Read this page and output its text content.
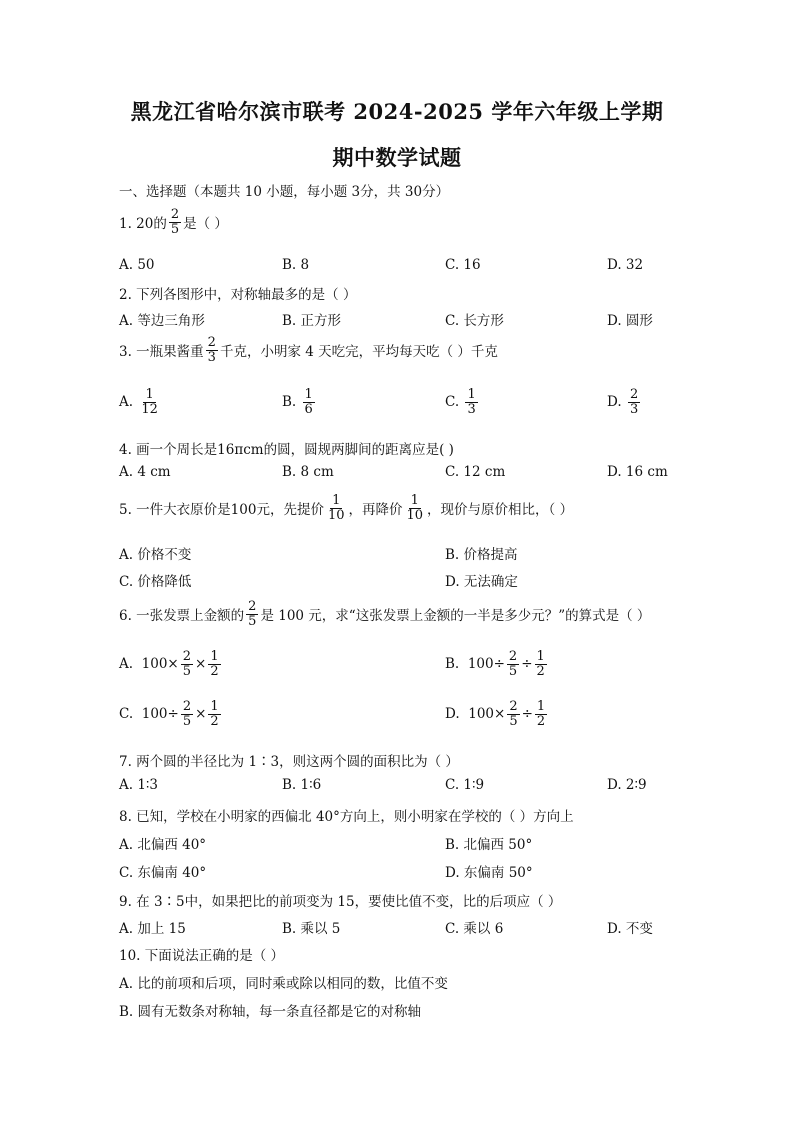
黑龙江省哈尔滨市联考 2024-2025 学年六年级上学期
期中数学试题
一、选择题（本题共 10 小题，每小题 3分，共 30分）
1. 20的 $\frac{2}{5}$ 是（ ）
A. 50	B. 8	C. 16	D. 32
2. 下列各图形中，对称轴最多的是（ ）
A. 等边三角形	B. 正方形	C. 长方形	D. 圆形
3. 一瓶果酱重 $\frac{2}{3}$ 千克，小明家 4 天吃完，平均每天吃（ ）千克
A. $\frac{1}{12}$	B. $\frac{1}{6}$	C. $\frac{1}{3}$	D. $\frac{2}{3}$
4. 画一个周长是16πcm的圆，圆规两脚间的距离应是( )
A. 4 cm	B. 8 cm	C. 12 cm	D. 16 cm
5. 一件大衣原价是100元，先提价 $\frac{1}{10}$ ，再降价 $\frac{1}{10}$ ，现价与原价相比，（ ）
A. 价格不变	B. 价格提高
C. 价格降低	D. 无法确定
6. 一张发票上金额的 $\frac{2}{5}$ 是 100 元，求“这张发票上金额的一半是多少元？”的算式是（ ）
A. $100\times \frac{2}{5} \times \frac{1}{2}$	B. $100\div \frac{2}{5} \div \frac{1}{2}$
C. $100\div \frac{2}{5} \times \frac{1}{2}$	D. $100\times \frac{2}{5} \div \frac{1}{2}$
7. 两个圆的半径比为 1∶3，则这两个圆的面积比为（ ）
A. 1∶3	B. 1∶6	C. 1∶9	D. 2∶9
8. 已知，学校在小明家的西偏北 40°方向上，则小明家在学校的（ ）方向上
A. 北偏西 40°	B. 北偏西 50°
C. 东偏南 40°	D. 东偏南 50°
9. 在 3∶5中，如果把比的前项变为 15，要使比值不变，比的后项应（ ）
A. 加上 15	B. 乘以 5	C. 乘以 6	D. 不变
10. 下面说法正确的是（ ）
A. 比的前项和后项，同时乘或除以相同的数，比值不变
B. 圆有无数条对称轴，每一条直径都是它的对称轴
